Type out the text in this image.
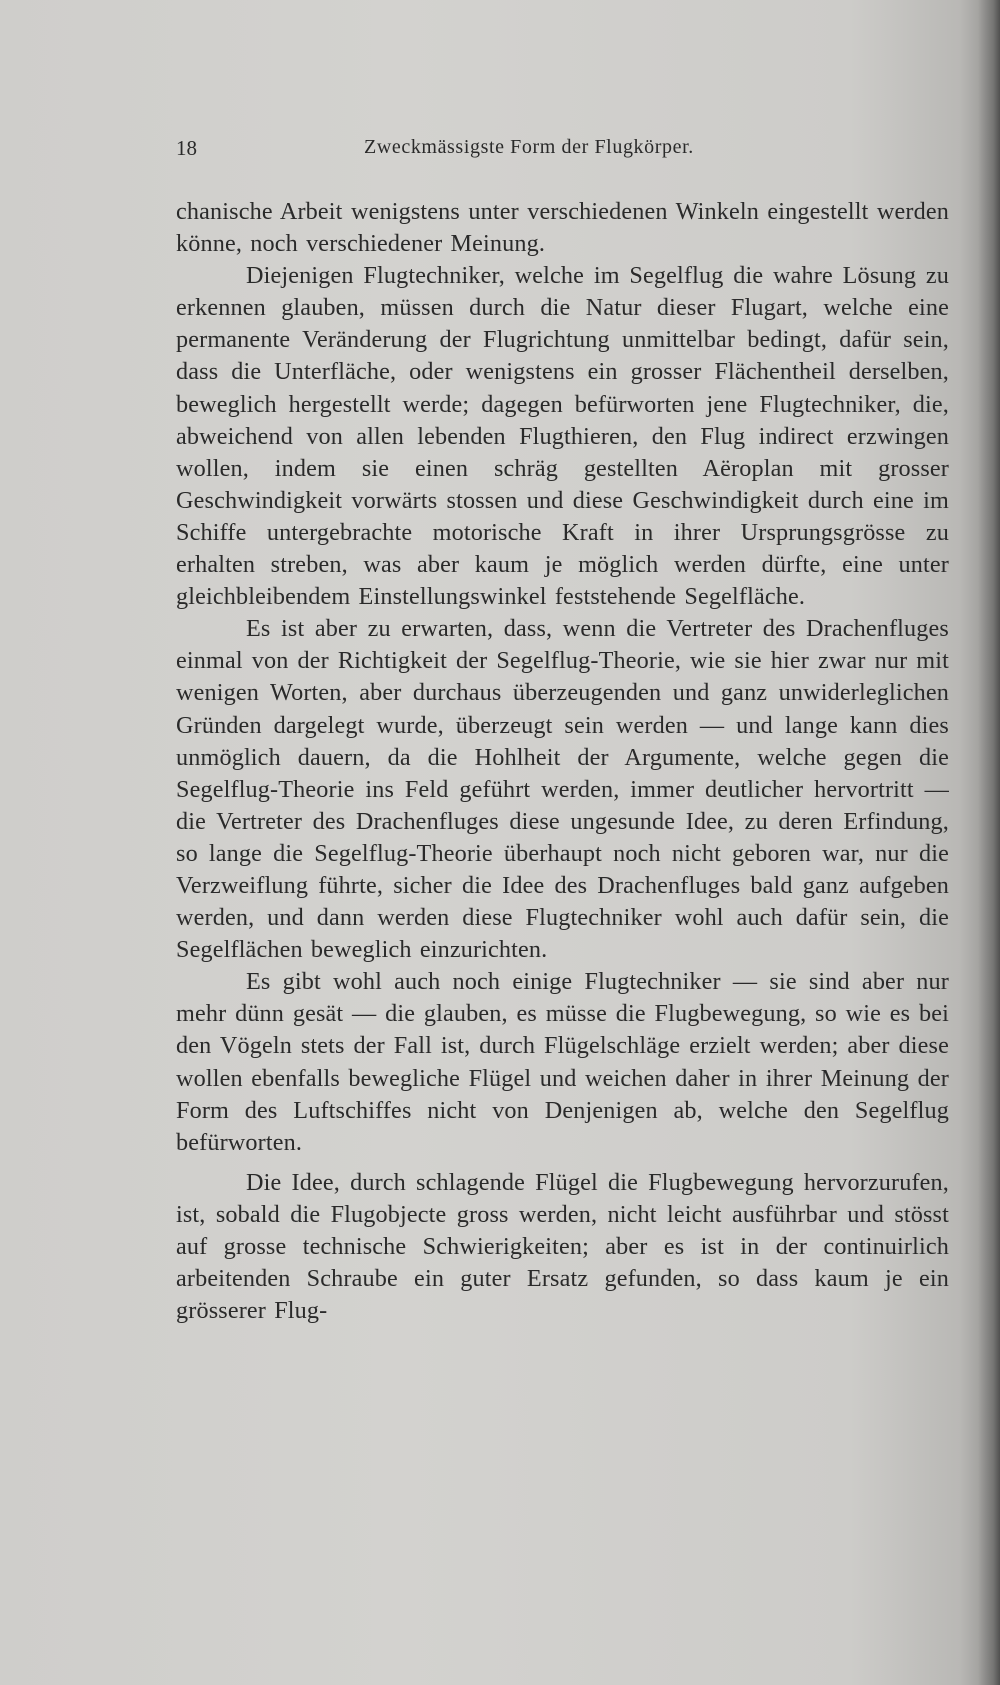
18	Zweckmässigste Form der Flugkörper.

chanische Arbeit wenigstens unter verschiedenen Winkeln eingestellt werden könne, noch verschiedener Meinung.

Diejenigen Flugtechniker, welche im Segelflug die wahre Lösung zu erkennen glauben, müssen durch die Natur dieser Flugart, welche eine permanente Veränderung der Flugrichtung unmittelbar bedingt, dafür sein, dass die Unterfläche, oder wenigstens ein grosser Flächentheil derselben, beweglich hergestellt werde; dagegen befürworten jene Flugtechniker, die, abweichend von allen lebenden Flugthieren, den Flug indirect erzwingen wollen, indem sie einen schräg gestellten Aëroplan mit grosser Geschwindigkeit vorwärts stossen und diese Geschwindigkeit durch eine im Schiffe untergebrachte motorische Kraft in ihrer Ursprungsgrösse zu erhalten streben, was aber kaum je möglich werden dürfte, eine unter gleichbleibendem Einstellungswinkel feststehende Segelfläche.

Es ist aber zu erwarten, dass, wenn die Vertreter des Drachenfluges einmal von der Richtigkeit der Segelflug-Theorie, wie sie hier zwar nur mit wenigen Worten, aber durchaus überzeugenden und ganz unwiderleglichen Gründen dargelegt wurde, überzeugt sein werden — und lange kann dies unmöglich dauern, da die Hohlheit der Argumente, welche gegen die Segelflug-Theorie ins Feld geführt werden, immer deutlicher hervortritt — die Vertreter des Drachenfluges diese ungesunde Idee, zu deren Erfindung, so lange die Segelflug-Theorie überhaupt noch nicht geboren war, nur die Verzweiflung führte, sicher die Idee des Drachenfluges bald ganz aufgeben werden, und dann werden diese Flugtechniker wohl auch dafür sein, die Segelflächen beweglich einzurichten.

Es gibt wohl auch noch einige Flugtechniker — sie sind aber nur mehr dünn gesät — die glauben, es müsse die Flugbewegung, so wie es bei den Vögeln stets der Fall ist, durch Flügelschläge erzielt werden; aber diese wollen ebenfalls bewegliche Flügel und weichen daher in ihrer Meinung der Form des Luftschiffes nicht von Denjenigen ab, welche den Segelflug befürworten.

Die Idee, durch schlagende Flügel die Flugbewegung hervorzurufen, ist, sobald die Flugobjecte gross werden, nicht leicht ausführbar und stösst auf grosse technische Schwierigkeiten; aber es ist in der continuirlich arbeitenden Schraube ein guter Ersatz gefunden, so dass kaum je ein grösserer Flug-
